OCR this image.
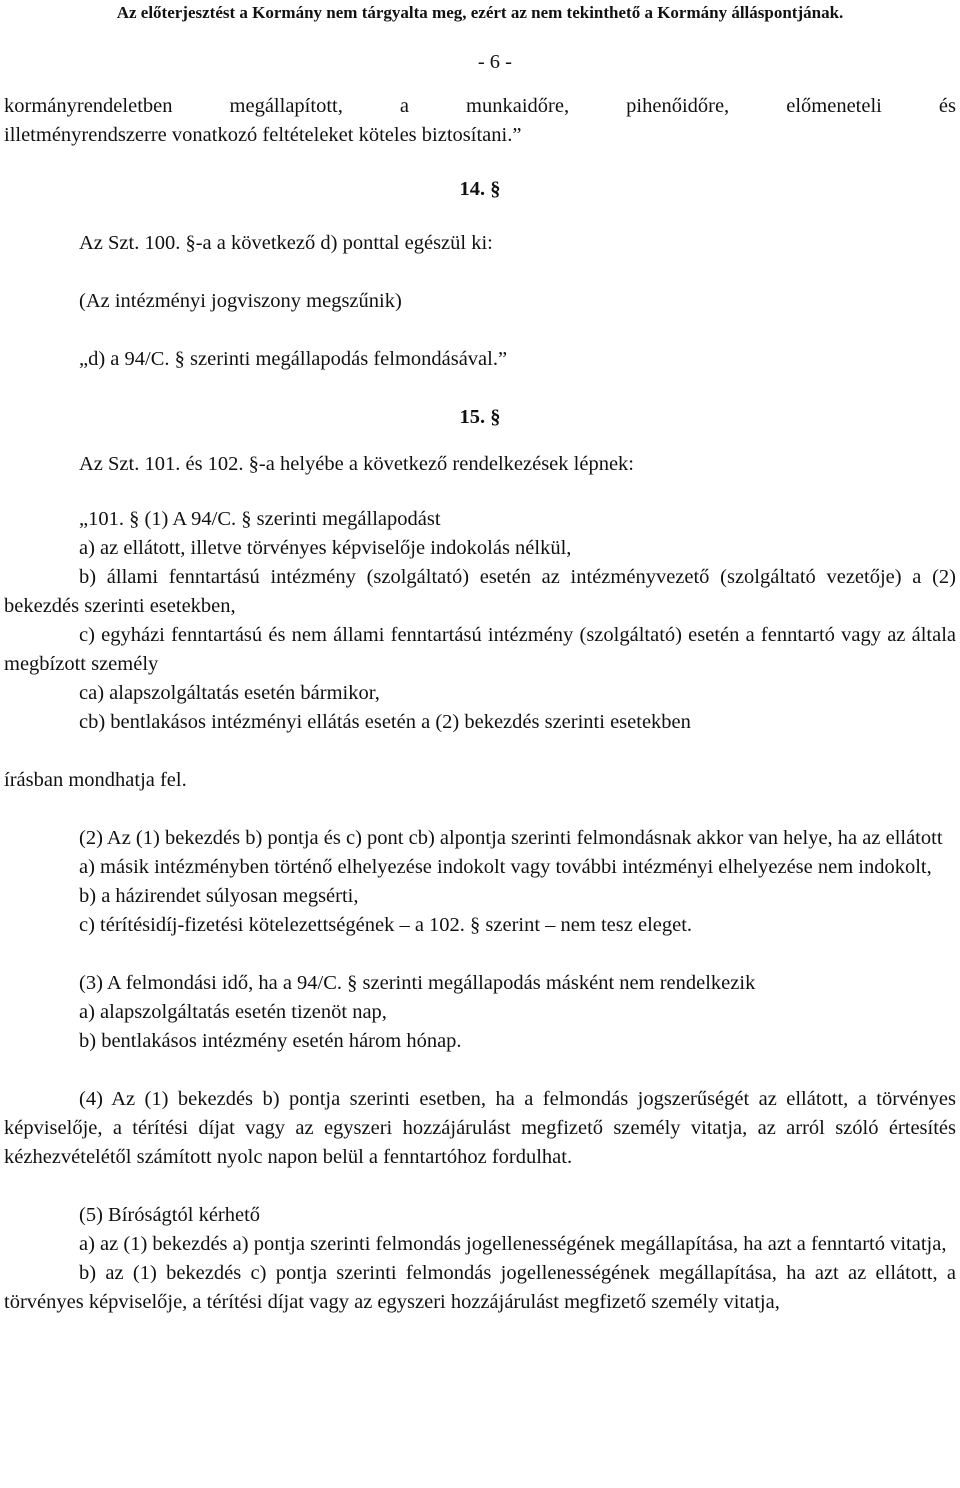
Az előterjesztést a Kormány nem tárgyalta meg, ezért az nem tekinthető a Kormány álláspontjának.
- 6 -

kormányrendeletben megállapított, a munkaidőre, pihenőidőre, előmeneteli és

illetményrendszerre vonatkozó feltételeket köteles biztosítani.”

14. §

Az Szt. 100. §-a a következő d) ponttal egészül ki:

(Az intézményi jogviszony megszűnik)

„d) a 94/C. § szerinti megállapodás felmondásával.”

15. §

Az Szt. 101. és 102. §-a helyébe a következő rendelkezések lépnek:

„101. § (1) A 94/C. § szerinti megállapodást

a) az ellátott, illetve törvényes képviselője indokolás nélkül,

b) állami fenntartású intézmény (szolgáltató) esetén az intézményvezető (szolgáltató vezetője) a (2) bekezdés szerinti esetekben,

c) egyházi fenntartású és nem állami fenntartású intézmény (szolgáltató) esetén a fenntartó vagy az általa megbízott személy

ca) alapszolgáltatás esetén bármikor,

cb) bentlakásos intézményi ellátás esetén a (2) bekezdés szerinti esetekben

írásban mondhatja fel.

(2) Az (1) bekezdés b) pontja és c) pont cb) alpontja szerinti felmondásnak akkor van helye, ha az ellátott

a) másik intézményben történő elhelyezése indokolt vagy további intézményi elhelyezése nem indokolt,

b) a házirendet súlyosan megsérti,

c) térítésidíj-fizetési kötelezettségének – a 102. § szerint – nem tesz eleget.

(3) A felmondási idő, ha a 94/C. § szerinti megállapodás másként nem rendelkezik

a) alapszolgáltatás esetén tizenöt nap,

b) bentlakásos intézmény esetén három hónap.

(4) Az (1) bekezdés b) pontja szerinti esetben, ha a felmondás jogszerűségét az ellátott, a törvényes képviselője, a térítési díjat vagy az egyszeri hozzájárulást megfizető személy vitatja, az arról szóló értesítés kézhezvételétől számított nyolc napon belül a fenntartóhoz fordulhat.

(5) Bíróságtól kérhető

a) az (1) bekezdés a) pontja szerinti felmondás jogellenességének megállapítása, ha azt a fenntartó vitatja,

b) az (1) bekezdés c) pontja szerinti felmondás jogellenességének megállapítása, ha azt az ellátott, a törvényes képviselője, a térítési díjat vagy az egyszeri hozzájárulást megfizető személy vitatja,
